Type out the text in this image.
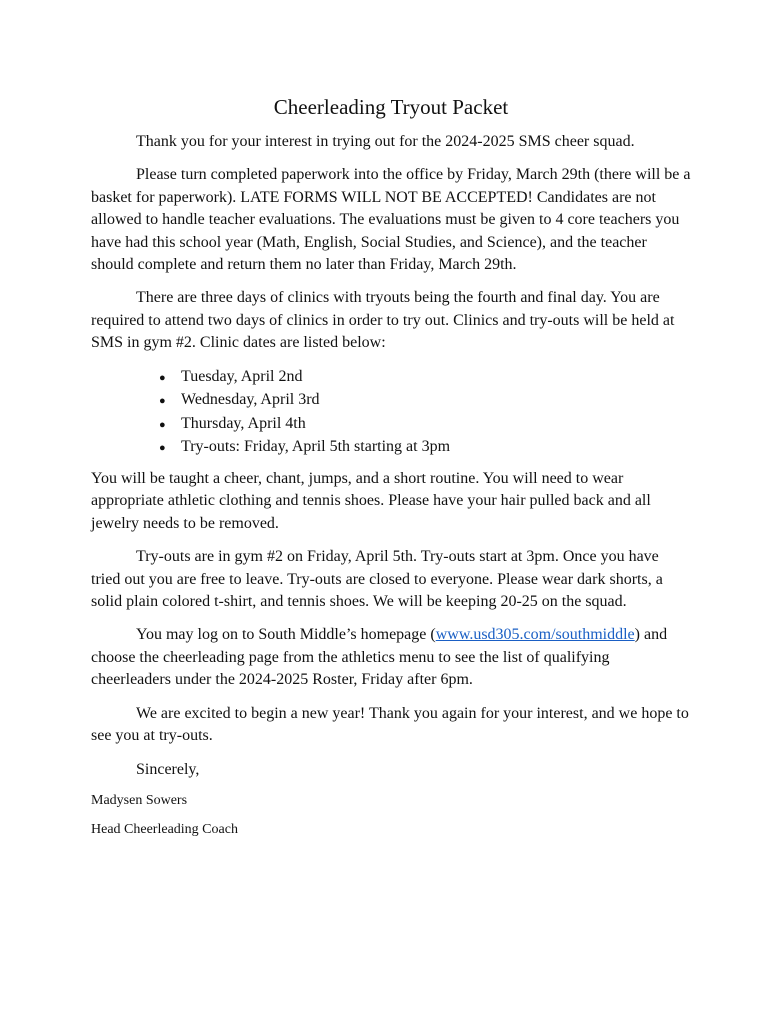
Cheerleading Tryout Packet

Thank you for your interest in trying out for the 2024-2025 SMS cheer squad.

Please turn completed paperwork into the office by Friday, March 29th (there will be a basket for paperwork). LATE FORMS WILL NOT BE ACCEPTED! Candidates are not allowed to handle teacher evaluations. The evaluations must be given to 4 core teachers you have had this school year (Math, English, Social Studies, and Science), and the teacher should complete and return them no later than Friday, March 29th.

There are three days of clinics with tryouts being the fourth and final day. You are required to attend two days of clinics in order to try out. Clinics and try-outs will be held at SMS in gym #2. Clinic dates are listed below:

● Tuesday, April 2nd
● Wednesday, April 3rd
● Thursday, April 4th
● Try-outs: Friday, April 5th starting at 3pm

You will be taught a cheer, chant, jumps, and a short routine. You will need to wear appropriate athletic clothing and tennis shoes. Please have your hair pulled back and all jewelry needs to be removed.

Try-outs are in gym #2 on Friday, April 5th. Try-outs start at 3pm. Once you have tried out you are free to leave. Try-outs are closed to everyone. Please wear dark shorts, a solid plain colored t-shirt, and tennis shoes. We will be keeping 20-25 on the squad.

You may log on to South Middle’s homepage (www.usd305.com/southmiddle) and choose the cheerleading page from the athletics menu to see the list of qualifying cheerleaders under the 2024-2025 Roster, Friday after 6pm.

We are excited to begin a new year! Thank you again for your interest, and we hope to see you at try-outs.

Sincerely,

Madysen Sowers

Head Cheerleading Coach
